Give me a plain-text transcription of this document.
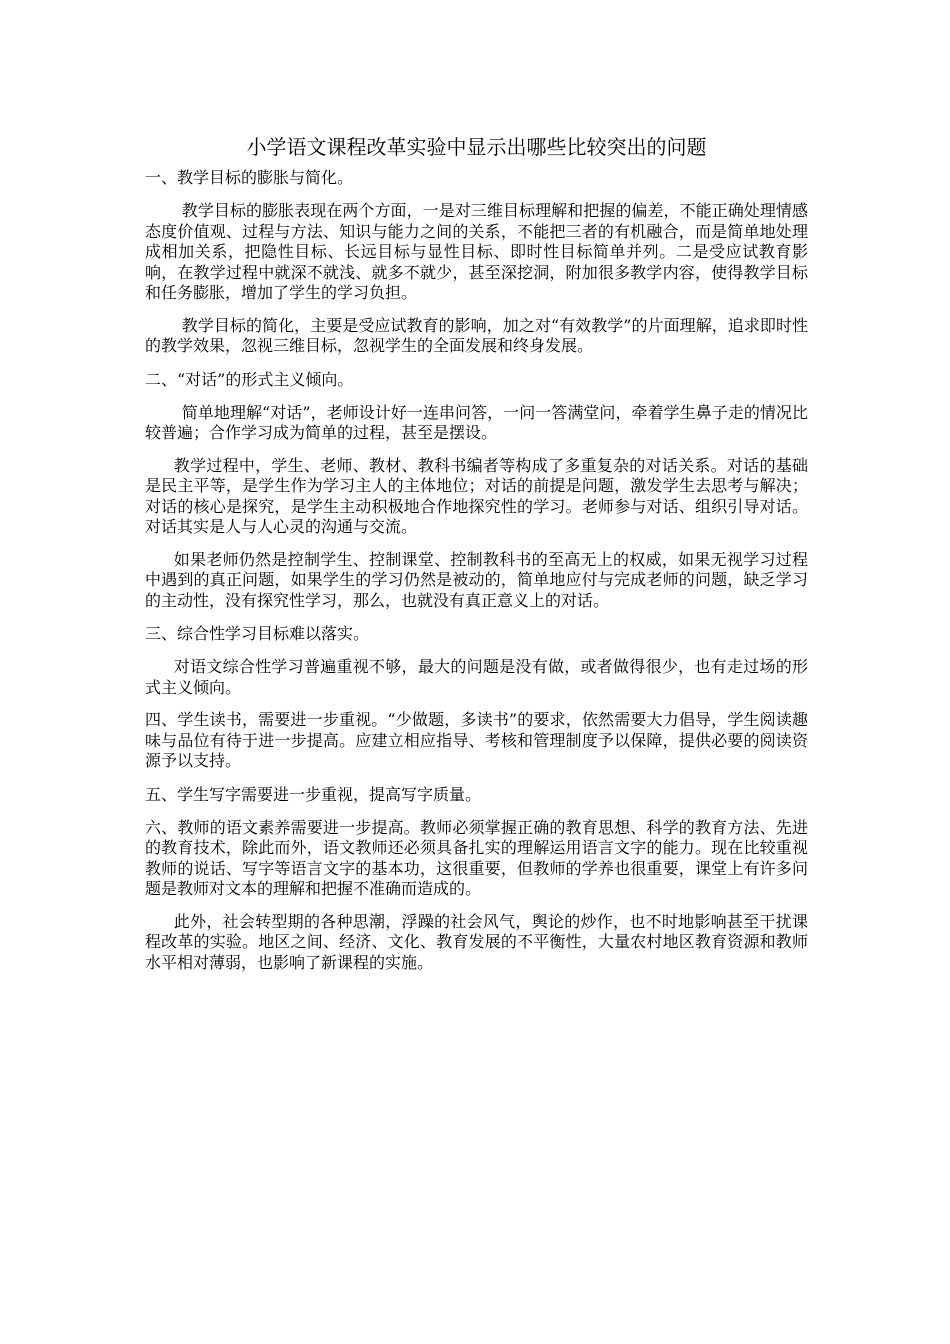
小学语文课程改革实验中显示出哪些比较突出的问题

一、教学目标的膨胀与简化。

教学目标的膨胀表现在两个方面，一是对三维目标理解和把握的偏差，不能正确处理情感态度价值观、过程与方法、知识与能力之间的关系，不能把三者的有机融合，而是简单地处理成相加关系，把隐性目标、长远目标与显性目标、即时性目标简单并列。二是受应试教育影响，在教学过程中就深不就浅、就多不就少，甚至深挖洞，附加很多教学内容，使得教学目标和任务膨胀，增加了学生的学习负担。

教学目标的简化，主要是受应试教育的影响，加之对“有效教学”的片面理解，追求即时性的教学效果，忽视三维目标，忽视学生的全面发展和终身发展。

二、“对话”的形式主义倾向。

简单地理解“对话”，老师设计好一连串问答，一问一答满堂问，牵着学生鼻子走的情况比较普遍；合作学习成为简单的过程，甚至是摆设。

教学过程中，学生、老师、教材、教科书编者等构成了多重复杂的对话关系。对话的基础是民主平等，是学生作为学习主人的主体地位；对话的前提是问题，激发学生去思考与解决；对话的核心是探究，是学生主动积极地合作地探究性的学习。老师参与对话、组织引导对话。对话其实是人与人心灵的沟通与交流。

如果老师仍然是控制学生、控制课堂、控制教科书的至高无上的权威，如果无视学习过程中遇到的真正问题，如果学生的学习仍然是被动的，简单地应付与完成老师的问题，缺乏学习的主动性，没有探究性学习，那么，也就没有真正意义上的对话。

三、综合性学习目标难以落实。

对语文综合性学习普遍重视不够，最大的问题是没有做，或者做得很少，也有走过场的形式主义倾向。

四、学生读书，需要进一步重视。“少做题，多读书”的要求，依然需要大力倡导，学生阅读趣味与品位有待于进一步提高。应建立相应指导、考核和管理制度予以保障，提供必要的阅读资源予以支持。

五、学生写字需要进一步重视，提高写字质量。

六、教师的语文素养需要进一步提高。教师必须掌握正确的教育思想、科学的教育方法、先进的教育技术，除此而外，语文教师还必须具备扎实的理解运用语言文字的能力。现在比较重视教师的说话、写字等语言文字的基本功，这很重要，但教师的学养也很重要，课堂上有许多问题是教师对文本的理解和把握不准确而造成的。

此外，社会转型期的各种思潮，浮躁的社会风气，舆论的炒作，也不时地影响甚至干扰课程改革的实验。地区之间、经济、文化、教育发展的不平衡性，大量农村地区教育资源和教师水平相对薄弱，也影响了新课程的实施。
